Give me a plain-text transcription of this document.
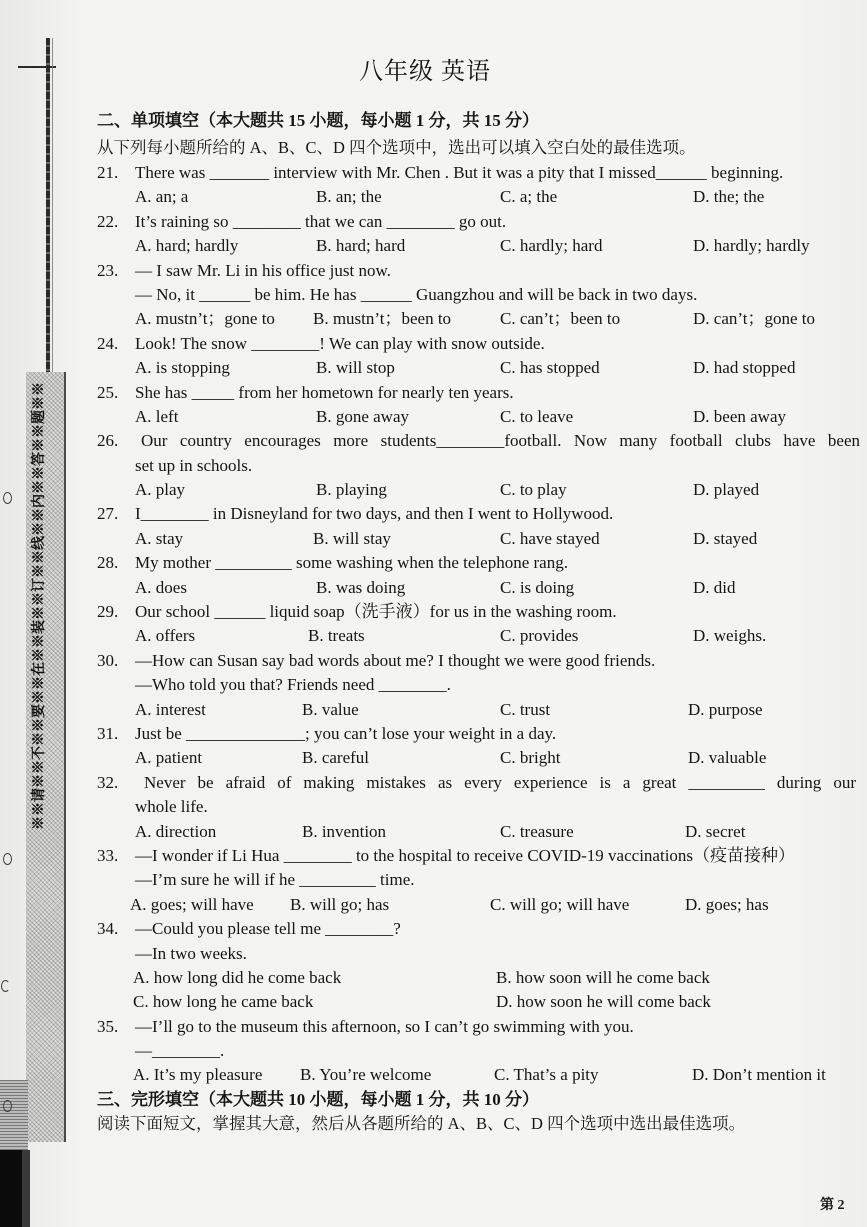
※※请※※不※※要※※在※※装※※订※※线※※内※※答※※题※※
八年级 英语
二、单项填空（本大题共 15 小题，每小题 1 分，共 15 分）
从下列每小题所给的 A、B、C、D 四个选项中，选出可以填入空白处的最佳选项。

21.

There was _______ interview with Mr. Chen . But it was a pity that I missed______ beginning.

A. an; a

	B. an; the

	C. a; the

	D. the; the

22.

It’s raining so ________ that we can ________ go out.

A. hard; hardly

	B. hard; hard

	C. hardly; hard

	D. hardly; hardly

23.

— I saw Mr. Li in his office just now.

— No, it ______ be him. He has ______ Guangzhou and will be back in two days.

A. mustn’t；gone to

B. mustn’t；been to

	C. can’t；been to

	D. can’t；gone to

24.

Look! The snow ________! We can play with snow outside.

A. is stopping

	B. will stop

	C. has stopped

	D. had stopped

25.

She has _____ from her hometown for nearly ten years.

A. left

	B. gone away

	C. to leave

	D. been away

26.

Our country encourages more students________football. Now many football clubs have been

set up in schools.

A. play

	B. playing

	C. to play

	D. played

27.

I________ in Disneyland for two days, and then I went to Hollywood.

A. stay

	B. will stay

	C. have stayed

	D. stayed

28.

My mother _________ some washing when the telephone rang.

A. does

	B. was doing

	C. is doing

	D. did

29.

Our school ______ liquid soap（洗手液）for us in the washing room.

A. offers

	B. treats

	C. provides

	D. weighs.

30.

—How can Susan say bad words about me? I thought we were good friends.

—Who told you that? Friends need ________.

A. interest

	B. value

	C. trust

	D. purpose

31.

Just be ______________; you can’t lose your weight in a day.

A. patient

	B. careful

	C. bright

	D. valuable

32.

Never be afraid of making mistakes as every experience is a great _________ during our

whole life.

A. direction

	B. invention

	C. treasure

	D. secret

33.

—I wonder if Li Hua ________ to the hospital to receive COVID-19 vaccinations（疫苗接种）

—I’m sure he will if he _________ time.

A. goes; will have

B. will go; has

	C. will go; will have

	D. goes; has

34.

—Could you please tell me ________?

—In two weeks.

A. how long did he come back

	B. how soon will he come back

C. how long he came back

	D. how soon he will come back

35.

—I’ll go to the museum this afternoon, so I can’t go swimming with you.

—________.

A. It’s my pleasure

B. You’re welcome

	C. That’s a pity

	D. Don’t mention it

三、完形填空（本大题共 10 小题，每小题 1 分，共 10 分）

阅读下面短文，掌握其大意，然后从各题所给的 A、B、C、D 四个选项中选出最佳选项。

第 2
